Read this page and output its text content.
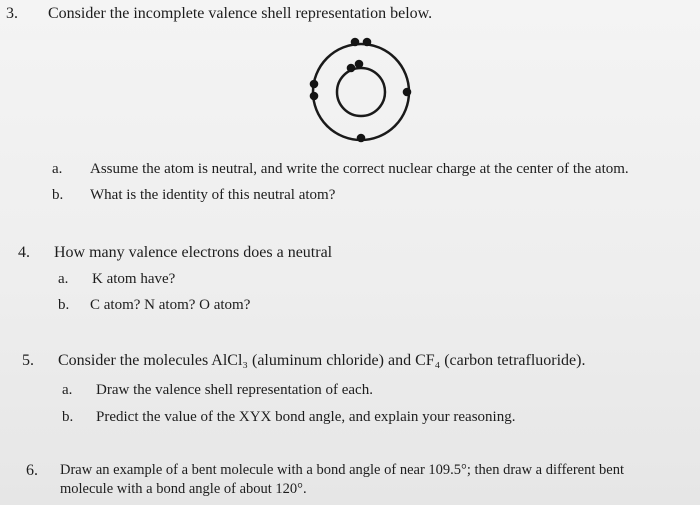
3. Consider the incomplete valence shell representation below.
a. Assume the atom is neutral, and write the correct nuclear charge at the center of the atom.
b. What is the identity of this neutral atom?
4. How many valence electrons does a neutral
a. K atom have?
b. C atom? N atom? O atom?
5. Consider the molecules AlCl₃ (aluminum chloride) and CF₄ (carbon tetrafluoride).
a. Draw the valence shell representation of each.
b. Predict the value of the XYX bond angle, and explain your reasoning.
6. Draw an example of a bent molecule with a bond angle of near 109.5°; then draw a different bent
molecule with a bond angle of about 120°.
